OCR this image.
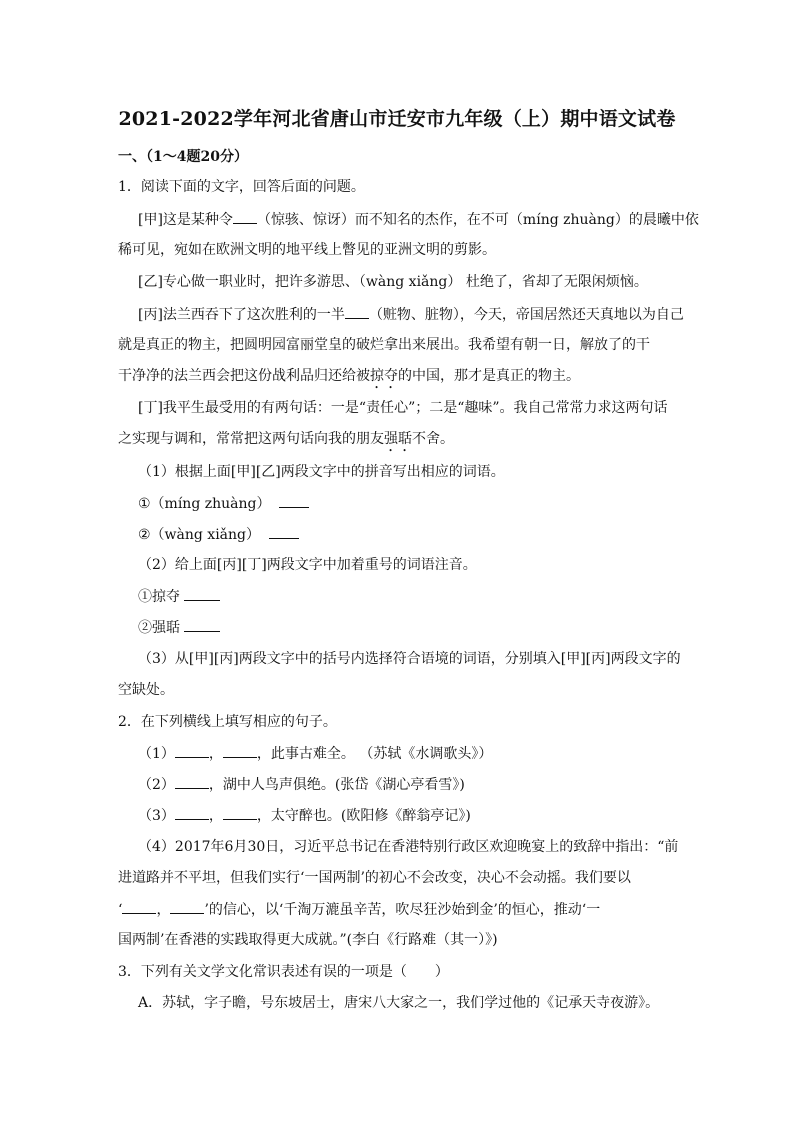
2021-2022学年河北省唐山市迁安市九年级（上）期中语文试卷
一、（1～4题20分）
1．阅读下面的文字，回答后面的问题。
[甲]这是某种令 （惊骇、惊讶）而不知名的杰作，在不可（míng zhuàng）的晨曦中依
稀可见，宛如在欧洲文明的地平线上瞥见的亚洲文明的剪影。
[乙]专心做一职业时，把许多游思、（wàng xiǎng） 杜绝了，省却了无限闲烦恼。
[丙]法兰西吞下了这次胜利的一半 （赃物、脏物），今天，帝国居然还天真地以为自己
就是真正的物主，把圆明园富丽堂皇的破烂拿出来展出。我希望有朝一日，解放了的干
干净净的法兰西会把这份战利品归还给被掠夺的中国，那才是真正的物主。
[丁]我平生最受用的有两句话：一是“责任心”；二是“趣味”。我自己常常力求这两句话
之实现与调和，常常把这两句话向我的朋友强聒不舍。
（1）根据上面[甲][乙]两段文字中的拼音写出相应的词语。
①（míng zhuàng）
②（wàng xiǎng）
（2）给上面[丙][丁]两段文字中加着重号的词语注音。
①掠夺
②强聒
（3）从[甲][丙]两段文字中的括号内选择符合语境的词语，分别填入[甲][丙]两段文字的
空缺处。
2．在下列横线上填写相应的句子。
（1） ， ，此事古难全。 （苏轼《水调歌头》）
（2） ，湖中人鸟声俱绝。(张岱《湖心亭看雪》)
（3） ， ，太守醉也。(欧阳修《醉翁亭记》)
（4）2017年6月30日，习近平总书记在香港特别行政区欢迎晚宴上的致辞中指出：“前
进道路并不平坦，但我们实行‘一国两制’的初心不会改变，决心不会动摇。我们要以
‘ ， ’的信心，以‘千淘万漉虽辛苦，吹尽狂沙始到金’的恒心，推动‘一
国两制’在香港的实践取得更大成就。”(李白《行路难（其一）》)
3．下列有关文学文化常识表述有误的一项是（　　）
A．苏轼，字子瞻，号东坡居士，唐宋八大家之一，我们学过他的《记承天寺夜游》。
